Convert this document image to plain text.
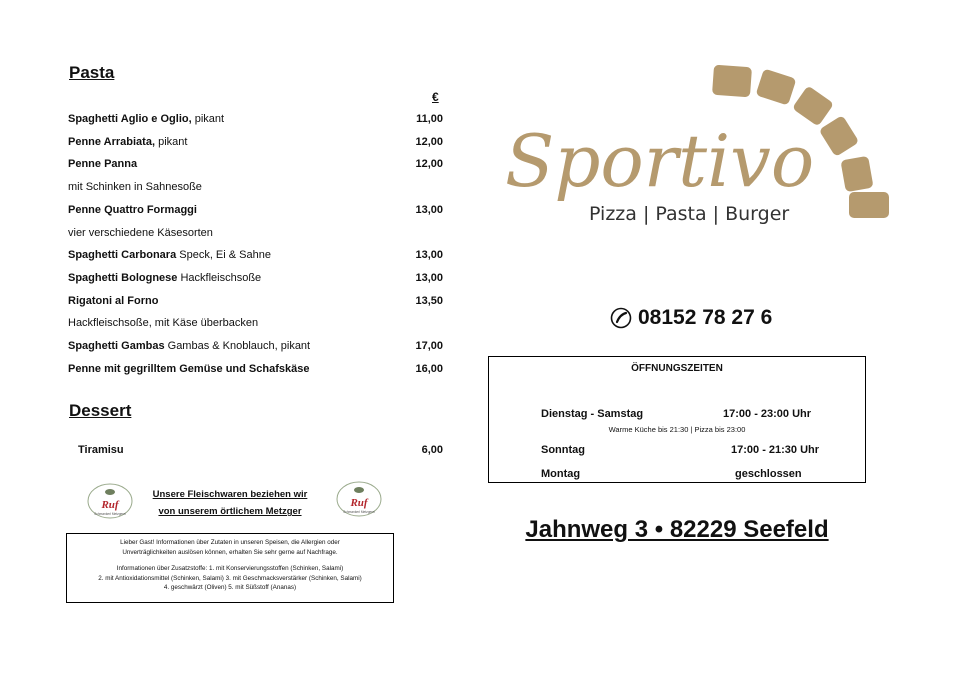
Pasta
€
Spaghetti Aglio e Oglio, pikant	11,00
Penne Arrabiata, pikant	12,00
Penne Panna	12,00
mit Schinken in Sahnesoße
Penne Quattro Formaggi	13,00
vier verschiedene Käsesorten
Spaghetti Carbonara Speck, Ei & Sahne	13,00
Spaghetti Bolognese Hackfleischsoße	13,00
Rigatoni al Forno	13,50
Hackfleischsoße, mit Käse überbacken
Spaghetti Gambas Gambas & Knoblauch, pikant	17,00
Penne mit gegrilltem Gemüse und Schafskäse	16,00
Dessert
Tiramisu	6,00
Ruf
Schmankerl Metzgerei
Ruf
Schmankerl Metzgerei
Unsere Fleischwaren beziehen wir
von unserem örtlichem Metzger
Lieber Gast! Informationen über Zutaten in unseren Speisen, die Allergien oder
Unverträglichkeiten auslösen können, erhalten Sie sehr gerne auf Nachfrage.
Informationen über Zusatzstoffe: 1. mit Konservierungsstoffen (Schinken, Salami)
2. mit Antioxidationsmittel (Schinken, Salami) 3. mit Geschmacksverstärker (Schinken, Salami)
4. geschwärzt (Oliven) 5. mit Süßstoff (Ananas)
Sportivo
Pizza | Pasta | Burger
08152 78 27 6
ÖFFNUNGSZEITEN
Dienstag - Samstag	17:00 - 23:00 Uhr
Warme Küche bis 21:30 | Pizza bis 23:00
Sonntag	17:00 - 21:30 Uhr
Montag	geschlossen
Jahnweg 3 • 82229 Seefeld
